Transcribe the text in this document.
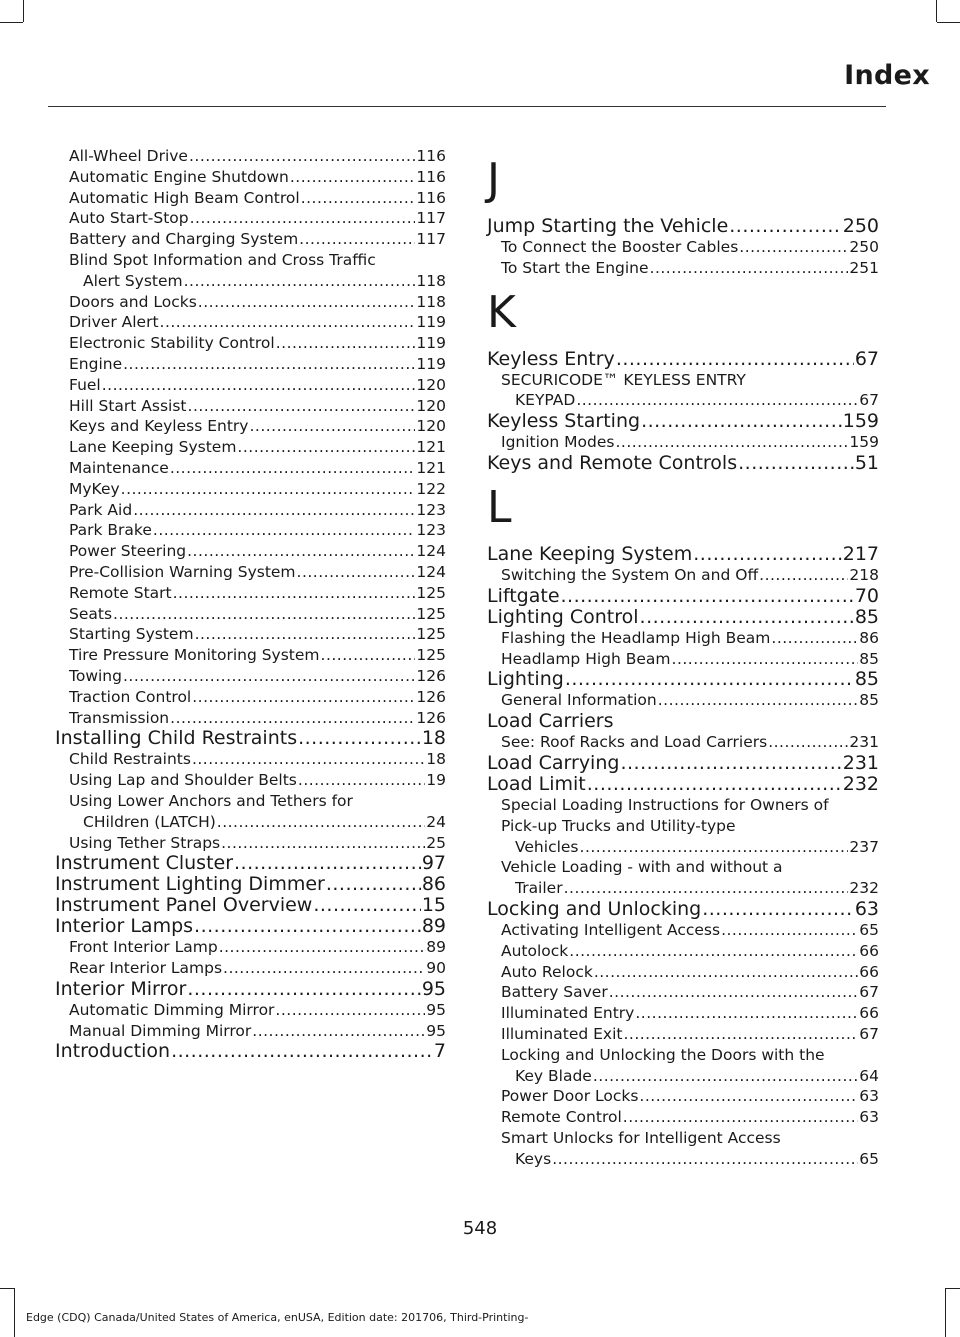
Index
All-Wheel Drive .....	116
Automatic Engine Shutdown .....	116
Automatic High Beam Control .....	116
Auto Start-Stop .....	117
Battery and Charging System .....	117
Blind Spot Information and Cross Traffic
Alert System .....	118
Doors and Locks .....	118
Driver Alert .....	119
Electronic Stability Control .....	119
Engine .....	119
Fuel .....	120
Hill Start Assist .....	120
Keys and Keyless Entry .....	120
Lane Keeping System .....	121
Maintenance .....	121
MyKey .....	122
Park Aid .....	123
Park Brake .....	123
Power Steering .....	124
Pre-Collision Warning System .....	124
Remote Start .....	125
Seats .....	125
Starting System .....	125
Tire Pressure Monitoring System .....	125
Towing .....	126
Traction Control .....	126
Transmission .....	126
Installing Child Restraints .....	18
Child Restraints .....	18
Using Lap and Shoulder Belts .....	19
Using Lower Anchors and Tethers for
CHildren (LATCH) .....	24
Using Tether Straps .....	25
Instrument Cluster .....	97
Instrument Lighting Dimmer .....	86
Instrument Panel Overview .....	15
Interior Lamps .....	89
Front Interior Lamp .....	89
Rear Interior Lamps .....	90
Interior Mirror .....	95
Automatic Dimming Mirror .....	95
Manual Dimming Mirror .....	95
Introduction .....	7
J
Jump Starting the Vehicle .....	250
To Connect the Booster Cables .....	250
To Start the Engine .....	251
K
Keyless Entry .....	67
SECURICODE™ KEYLESS ENTRY
KEYPAD .....	67
Keyless Starting .....	159
Ignition Modes .....	159
Keys and Remote Controls .....	51
L
Lane Keeping System .....	217
Switching the System On and Off .....	218
Liftgate .....	70
Lighting Control .....	85
Flashing the Headlamp High Beam .....	86
Headlamp High Beam .....	85
Lighting .....	85
General Information .....	85
Load Carriers
See: Roof Racks and Load Carriers .....	231
Load Carrying .....	231
Load Limit .....	232
Special Loading Instructions for Owners of
Pick-up Trucks and Utility-type
Vehicles .....	237
Vehicle Loading - with and without a
Trailer .....	232
Locking and Unlocking .....	63
Activating Intelligent Access .....	65
Autolock .....	66
Auto Relock .....	66
Battery Saver .....	67
Illuminated Entry .....	66
Illuminated Exit .....	67
Locking and Unlocking the Doors with the
Key Blade .....	64
Power Door Locks .....	63
Remote Control .....	63
Smart Unlocks for Intelligent Access
Keys .....	65
548
Edge (CDQ) Canada/United States of America, enUSA, Edition date: 201706, Third-Printing-
